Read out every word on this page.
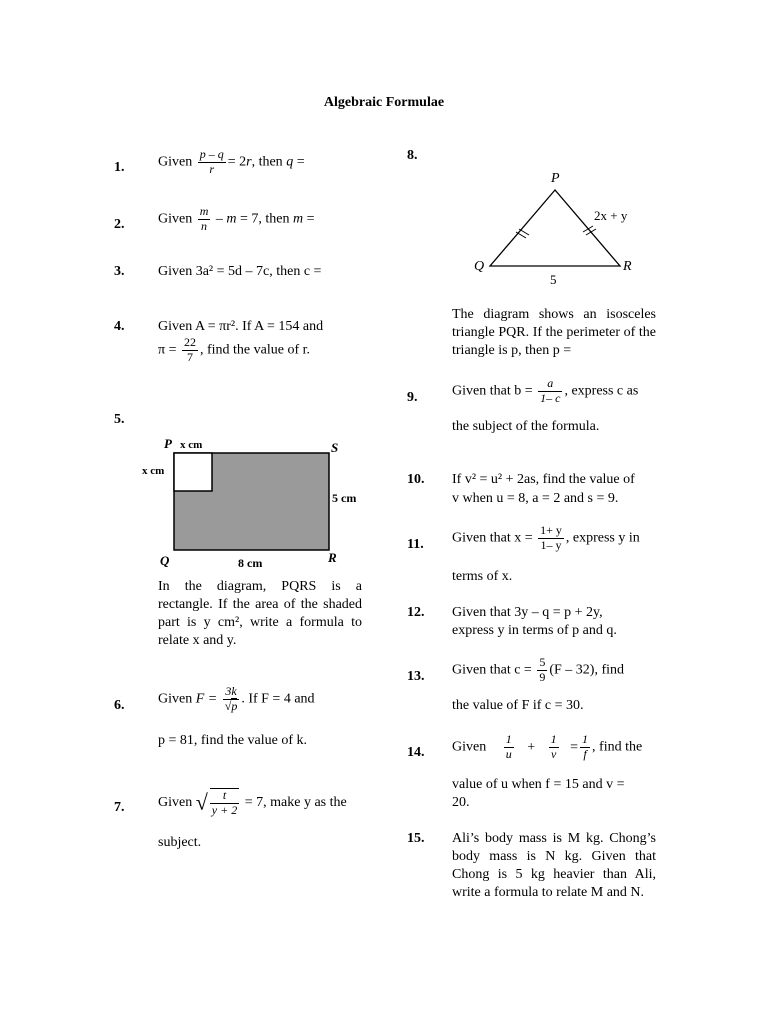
Algebraic Formulae
1. Given $\frac{p - q}{r} = 2r$, then q =
2. Given $\frac{m}{n} - m = 7$, then m =
3. Given 3a² = 5d – 7c, then c =
4. Given A = πr². If A = 154 and
$\pi = \frac{22}{7}$ , find the value of r.
5.
P x cm	S
x cm
5 cm
Q	8 cm	R
In the diagram, PQRS is a rectangle. If the area of the shaded part is y cm², write a formula to relate x and y.
6. Given $F = \frac{3k}{√p}$ . If F = 4 and
p = 81, find the value of k.
7. Given √ $\frac{t}{y + 2} = 7$, make y as the
subject.
8.
P
2x + y
Q	R
5
The diagram shows an isosceles triangle PQR. If the perimeter of the triangle is p, then p =
9. Given that $b = \frac{a}{1- c}$ , express c as
the subject of the formula.
10. If v² = u² + 2as, find the value of
v when u = 8, a = 2 and s = 9.
11. Given that $x = \frac{1+ y}{1- y}$ , express y in
terms of x.
12. Given that 3y – q = p + 2y,
express y in terms of p and q.
13. Given that $c = \frac{5}{9} (F - 32)$, find
the value of F if c = 30.
14. Given $\frac{1}{u} + \frac{1}{v} = \frac{1}{f}$ , find the
value of u when f = 15 and v =
20.
15. Ali’s body mass is M kg. Chong’s body mass is N kg. Given that Chong is 5 kg heavier than Ali, write a formula to relate M and N.
